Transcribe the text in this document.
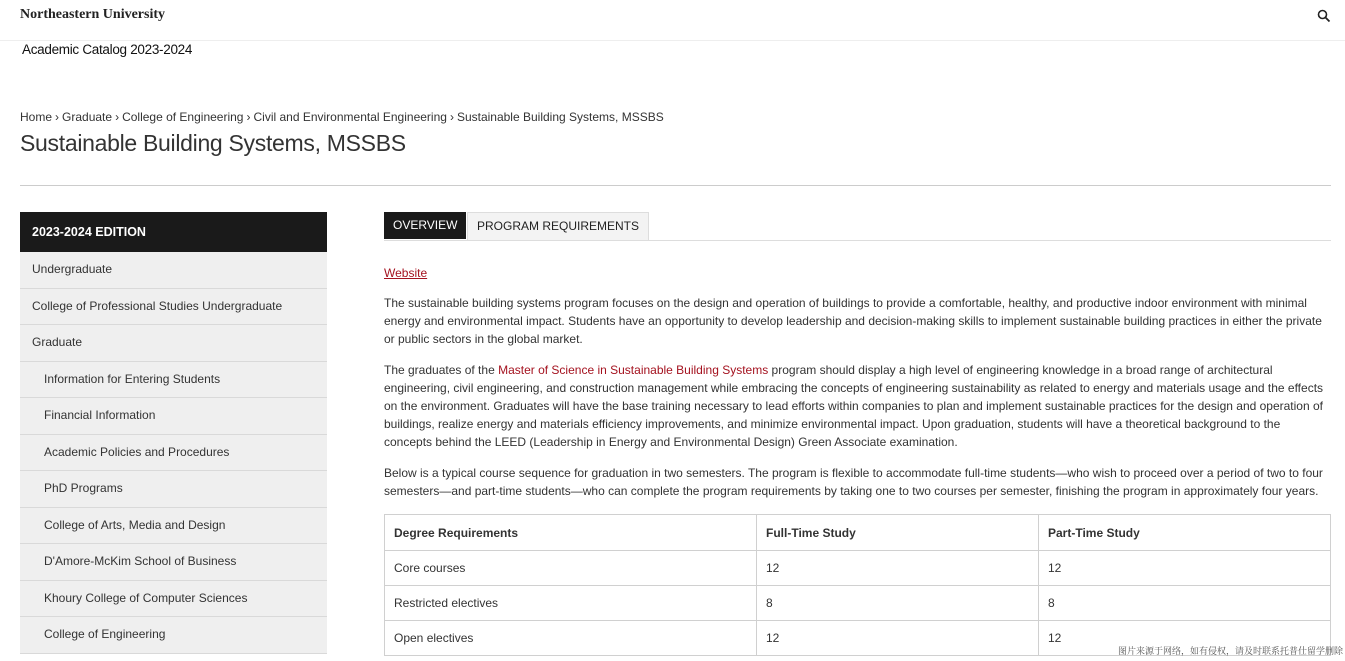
Northeastern University
Academic Catalog 2023-2024
Home › Graduate › College of Engineering › Civil and Environmental Engineering › Sustainable Building Systems, MSSBS
Sustainable Building Systems, MSSBS
2023-2024 EDITION
Undergraduate
College of Professional Studies Undergraduate
Graduate
Information for Entering Students
Financial Information
Academic Policies and Procedures
PhD Programs
College of Arts, Media and Design
D'Amore-McKim School of Business
Khoury College of Computer Sciences
College of Engineering
OVERVIEW	PROGRAM REQUIREMENTS

Website

The sustainable building systems program focuses on the design and operation of buildings to provide a comfortable, healthy, and productive indoor environment with minimal energy and environmental impact. Students have an opportunity to develop leadership and decision-making skills to implement sustainable building practices in either the private or public sectors in the global market.

The graduates of the Master of Science in Sustainable Building Systems program should display a high level of engineering knowledge in a broad range of architectural engineering, civil engineering, and construction management while embracing the concepts of engineering sustainability as related to energy and materials usage and the effects on the environment. Graduates will have the base training necessary to lead efforts within companies to plan and implement sustainable practices for the design and operation of buildings, realize energy and materials efficiency improvements, and minimize environmental impact. Upon graduation, students will have a theoretical background to the concepts behind the LEED (Leadership in Energy and Environmental Design) Green Associate examination.

Below is a typical course sequence for graduation in two semesters. The program is flexible to accommodate full-time students—who wish to proceed over a period of two to four semesters—and part-time students—who can complete the program requirements by taking one to two courses per semester, finishing the program in approximately four years.

Degree Requirements	Full-Time Study	Part-Time Study
Core courses	12	12
Restricted electives	8	8
Open electives	12	12
图片来源于网络，如有侵权，请及时联系托普仕留学删除
